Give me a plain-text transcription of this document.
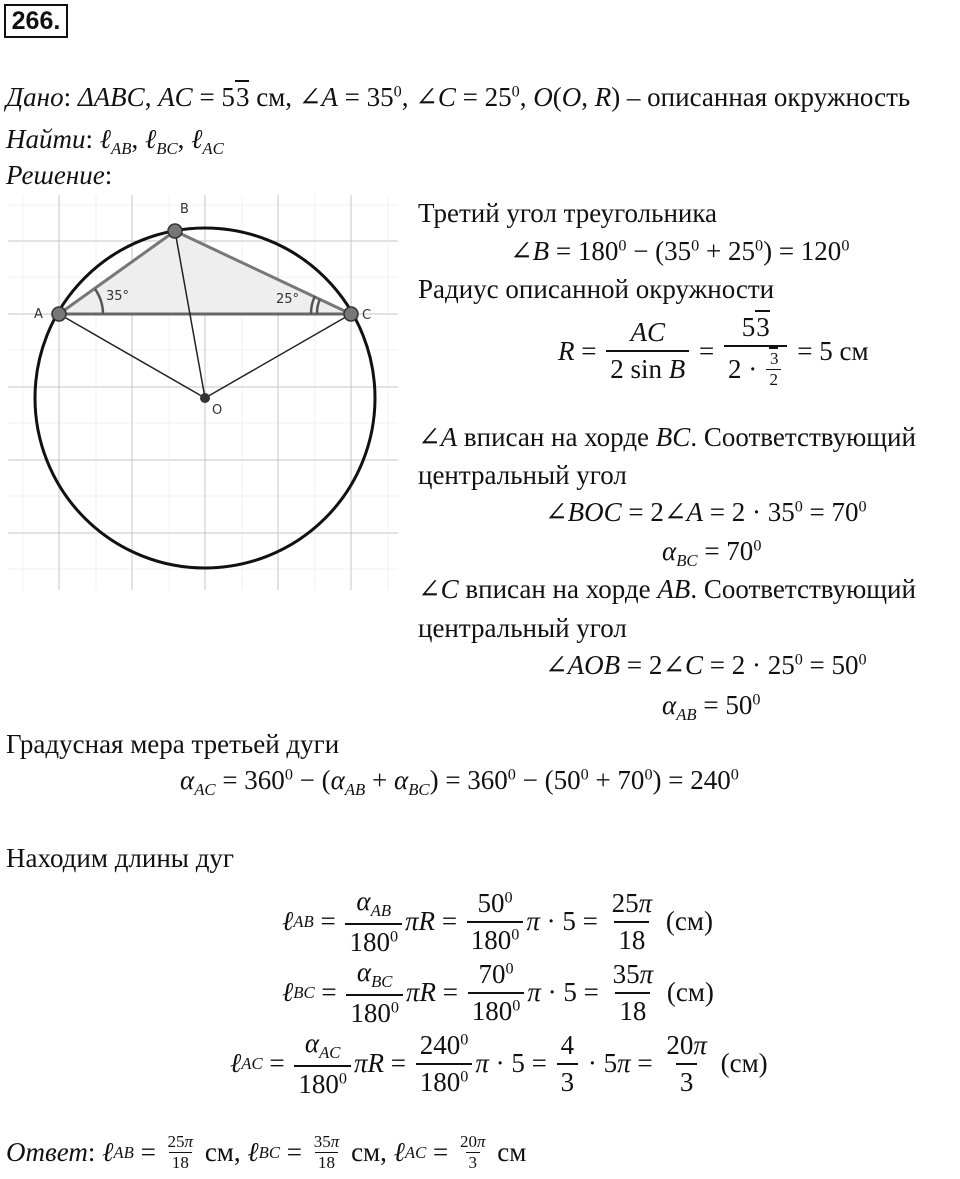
266.
Дано: ΔABC, AC = 53 см, ∠A = $35^0$, ∠C = $25^0$, O(O, R) – описанная окружность
Найти: ℓ$_{AB}$, ℓ$_{BC}$, ℓ$_{AC}$
Решение:
A
B
C
O
35°	25°
Третий угол треугольника
∠B = $180^0 - (35^0 + 25^0) = 120^0$
Радиус описанной окружности
$R = \frac{AC}{\text{2 sin B}} = \frac{53}{2 \cdot \frac{3}{2}}$
= 5 см
∠A вписан на хорде BC. Соответствующий
центральный угол
∠BOC = 2∠A = $2 \cdot 35^0 = 70^0$
$\alpha_{BC} = 70^0$
∠C вписан на хорде AB. Соответствующий
центральный угол
∠AOB = 2∠C = $2 \cdot 25^0 = 50^0$
$\alpha_{AB} = 50^0$
Градусная мера третьей дуги
$\alpha_{AC} = 360^0 - (\alpha_{AB} + \alpha_{BC}) = 360^0 - (50^0 + 70^0) = 240^0$
Находим длины дуг
ℓ AB = $\frac{\alpha_{AB}}{180^0}$ $\pi R = \frac{50^0}{180^0}$ $\pi \cdot 5 = \frac{25\pi}{18} (см)$
ℓ BC = $\frac{\alpha_{BC}}{180^0}$ $\pi R = \frac{70^0}{180^0}$ $\pi \cdot 5 = \frac{35\pi}{18} (см)$
ℓ AC = $\frac{\alpha_{AC}}{180^0}$ $\pi R = \frac{240^0}{180^0}$ $\pi \cdot 5 = \frac{4}{3} \cdot 5$ $\pi = \frac{20\pi}{3} (см)$
Ответ : ℓ AB = $\frac{25\pi}{18}$ см, ℓ BC = $\frac{35\pi}{18}$ см, ℓ AC = $\frac{20\pi}{3}$
см
